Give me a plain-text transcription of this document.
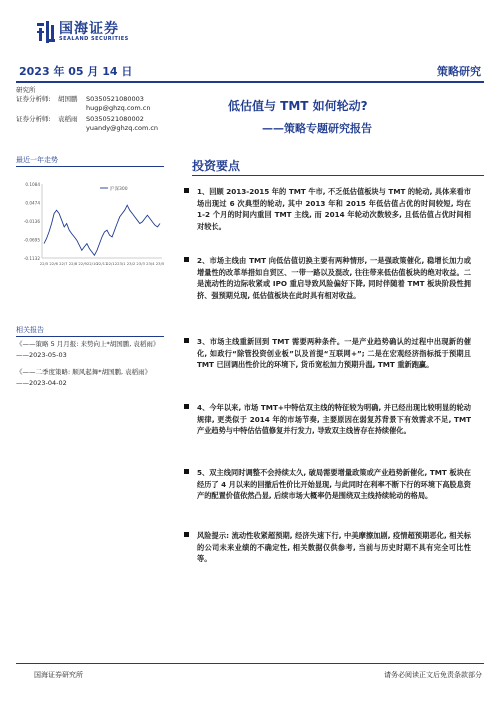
国海证券
SEALAND SECURITIES
2023 年 05 月 14 日	策略研究
研究所
证券分析师: 胡国鹏 S0350521080003
hugp@ghzq.com.cn
证券分析师: 袁稻雨 S0350521080002
yuandy@ghzq.com.cn
低估值与 TMT 如何轮动?
——策略专题研究报告
最近一年走势
0.1084
0.0474
-0.0136
-0.0695
-0.1132
22/5 22/6 22/7 22/8 22/9 22/10
22/11
22/12 23/1 23/2 23/3 23/4 23/5
沪深300
相关报告
《——策略 5 月月报: 来势向上*胡国鹏, 袁稻雨》
——2023-05-03
《——二季度策略: 顺风起舞*胡国鹏, 袁稻雨》
——2023-04-02
投资要点
1、回顾 2013-2015 年的 TMT 牛市, 不乏低估值板块与 TMT 的轮动, 具体来看市场出现过 6 次典型的轮动, 其中 2013 年和 2015 年低估值占优的时间较短, 均在 1-2 个月的时间内重回 TMT 主线, 而 2014 年轮动次数较多, 且低估值占优时间相对较长。
2、市场主线由 TMT 向低估值切换主要有两种情形, 一是强政策催化, 稳增长加力或增量性的改革举措如自贸区、一带一路以及混改, 往往带来低估值板块的绝对收益。二是流动性的边际收紧或 IPO 重启导致风险偏好下降, 同时伴随着 TMT 板块阶段性拥挤、强预期兑现, 低估值板块在此时具有相对收益。
3、市场主线重新回到 TMT 需要两种条件。一是产业趋势确认的过程中出现新的催化, 如政行“除管投资创业板”以及首提“互联网+”; 二是在宏观经济指标抵于预期且 TMT 已回调出性价比的环境下, 货币宽松加力预期升温, TMT 重新跑赢。
4、今年以来, 市场 TMT+中特估双主线的特征较为明确, 并已经出现比较明显的轮动规律, 更类似于 2014 年的市场节奏, 主要原因在弱复苏背景下有效需求不足, TMT 产业趋势与中特估估值修复并行发力, 导致双主线皆存在持续催化。
5、双主线同时调整不会持续太久, 破局需要增量政策或产业趋势新催化, TMT 板块在经历了 4 月以来的回撤后性价比开始显现, 与此同时在利率不断下行的环境下高股息资产的配置价值依然凸显, 后续市场大概率仍是围绕双主线持续轮动的格局。
风险提示: 流动性收紧超预期, 经济失速下行, 中美摩擦加剧, 疫情超预期恶化, 相关标的公司未来业绩的不确定性, 相关数据仅供参考, 当前与历史时期不具有完全可比性等。
国海证券研究所	请务必阅读正文后免责条款部分
